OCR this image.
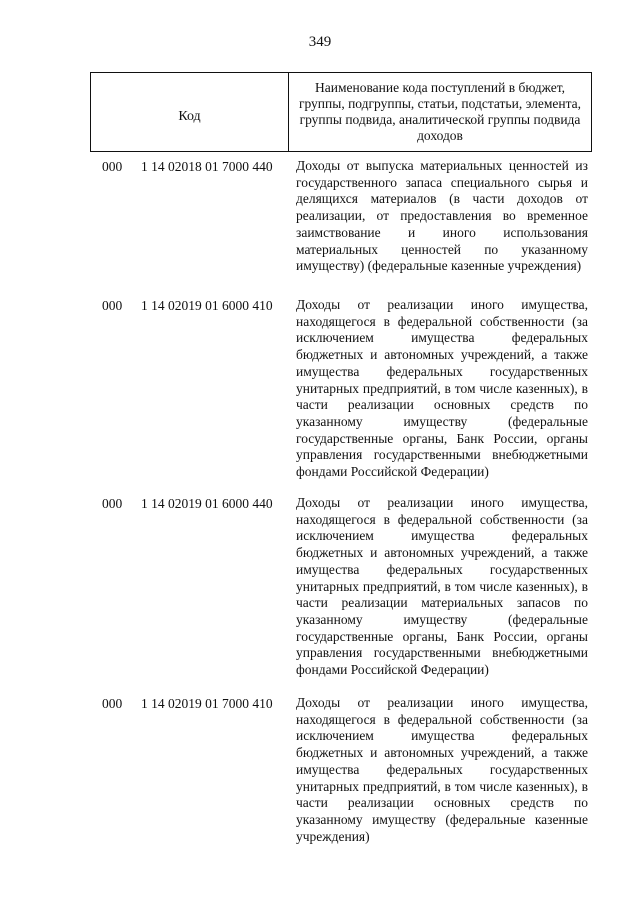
349
Код
Наименование кода поступлений в бюджет, группы, подгруппы, статьи, подстатьи, элемента, группы подвида, аналитической группы подвида доходов
000 1 14 02018 01 7000 440 Доходы от выпуска материальных ценностей из государственного запаса специального сырья и делящихся материалов (в части доходов от реализации, от предоставления во временное заимствование и иного использования материальных ценностей по указанному имуществу) (федеральные казенные учреждения)
000 1 14 02019 01 6000 410 Доходы от реализации иного имущества, находящегося в федеральной собственности (за исключением имущества федеральных бюджетных и автономных учреждений, а также имущества федеральных государственных унитарных предприятий, в том числе казенных), в части реализации основных средств по указанному имуществу (федеральные государственные органы, Банк России, органы управления государственными внебюджетными фондами Российской Федерации)
000 1 14 02019 01 6000 440 Доходы от реализации иного имущества, находящегося в федеральной собственности (за исключением имущества федеральных бюджетных и автономных учреждений, а также имущества федеральных государственных унитарных предприятий, в том числе казенных), в части реализации материальных запасов по указанному имуществу (федеральные государственные органы, Банк России, органы управления государственными внебюджетными фондами Российской Федерации)
000 1 14 02019 01 7000 410 Доходы от реализации иного имущества, находящегося в федеральной собственности (за исключением имущества федеральных бюджетных и автономных учреждений, а также имущества федеральных государственных унитарных предприятий, в том числе казенных), в части реализации основных средств по указанному имуществу (федеральные казенные учреждения)
